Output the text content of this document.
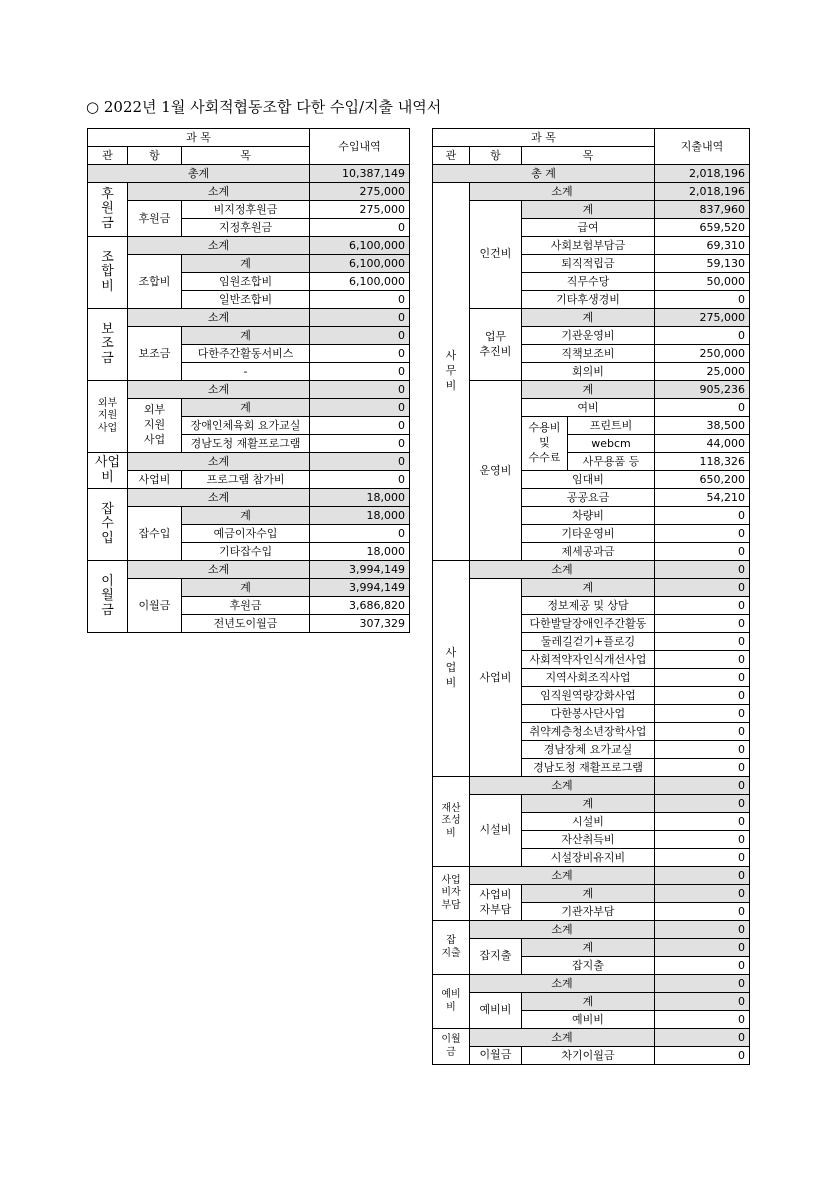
○ 2022년 1월 사회적협동조합 다한 수입/지출 내역서
과 목			수입내역
관	항	목	
총계			10,387,149
후
원
금	소계		275,000
	후원금	비지정후원금	275,000
		지정후원금	0
조
합
비	소계		6,100,000
	조합비	계	6,100,000
		임원조합비	6,100,000
		일반조합비	0
보
조
금	소계		0
	보조금	계	0
		다한주간활동서비스	0
		-	0
외부
지원
사업	소계		0
	외부
지원
사업	계	0
		장애인체육회 요가교실	0
		경남도청 재활프로그램	0
사업
비	소계		0
	사업비	프로그램 참가비	0
잡
수
입	소계		18,000
	잡수입	계	18,000
		예금이자수입	0
		기타잡수입	18,000
이
월
금	소계		3,994,149
	이월금	계	3,994,149
		후원금	3,686,820
		전년도이월금	307,329
과 목				지출내역
관	항	목		
총 계				2,018,196
사
무
비	소계			2,018,196
	인건비	계		837,960
		급여		659,520
		사회보험부담금		69,310
		퇴직적립금		59,130
		직무수당		50,000
		기타후생경비		0
	업무
추진비	계		275,000
		기관운영비		0
		직책보조비		250,000
		회의비		25,000
	운영비	계		905,236
		여비		0
		수용비
및
수수료	프린트비	38,500
			webcm	44,000
			사무용품 등	118,326
		임대비		650,200
		공공요금		54,210
		차량비		0
		기타운영비		0
		제세공과금		0
사
업
비	소계			0
	사업비	계		0
		정보제공 및 상담		0
		다한발달장애인주간활동		0
		둘레길걷기+플로깅		0
		사회적약자인식개선사업		0
		지역사회조직사업		0
		임직원역량강화사업		0
		다한봉사단사업		0
		취약계층청소년장학사업		0
		경남장체 요가교실		0
		경남도청 재활프로그램		0
재산
조성
비	소계			0
	시설비	계		0
		시설비		0
		자산취득비		0
		시설장비유지비		0
사업
비자
부담	소계			0
	사업비
자부담	계		0
		기관자부담		0
잡
지출	소계			0
	잡지출	계		0
		잡지출		0
예비
비	소계			0
	예비비	계		0
		예비비		0
이월
금	소계			0
	이월금	차기이월금		0
